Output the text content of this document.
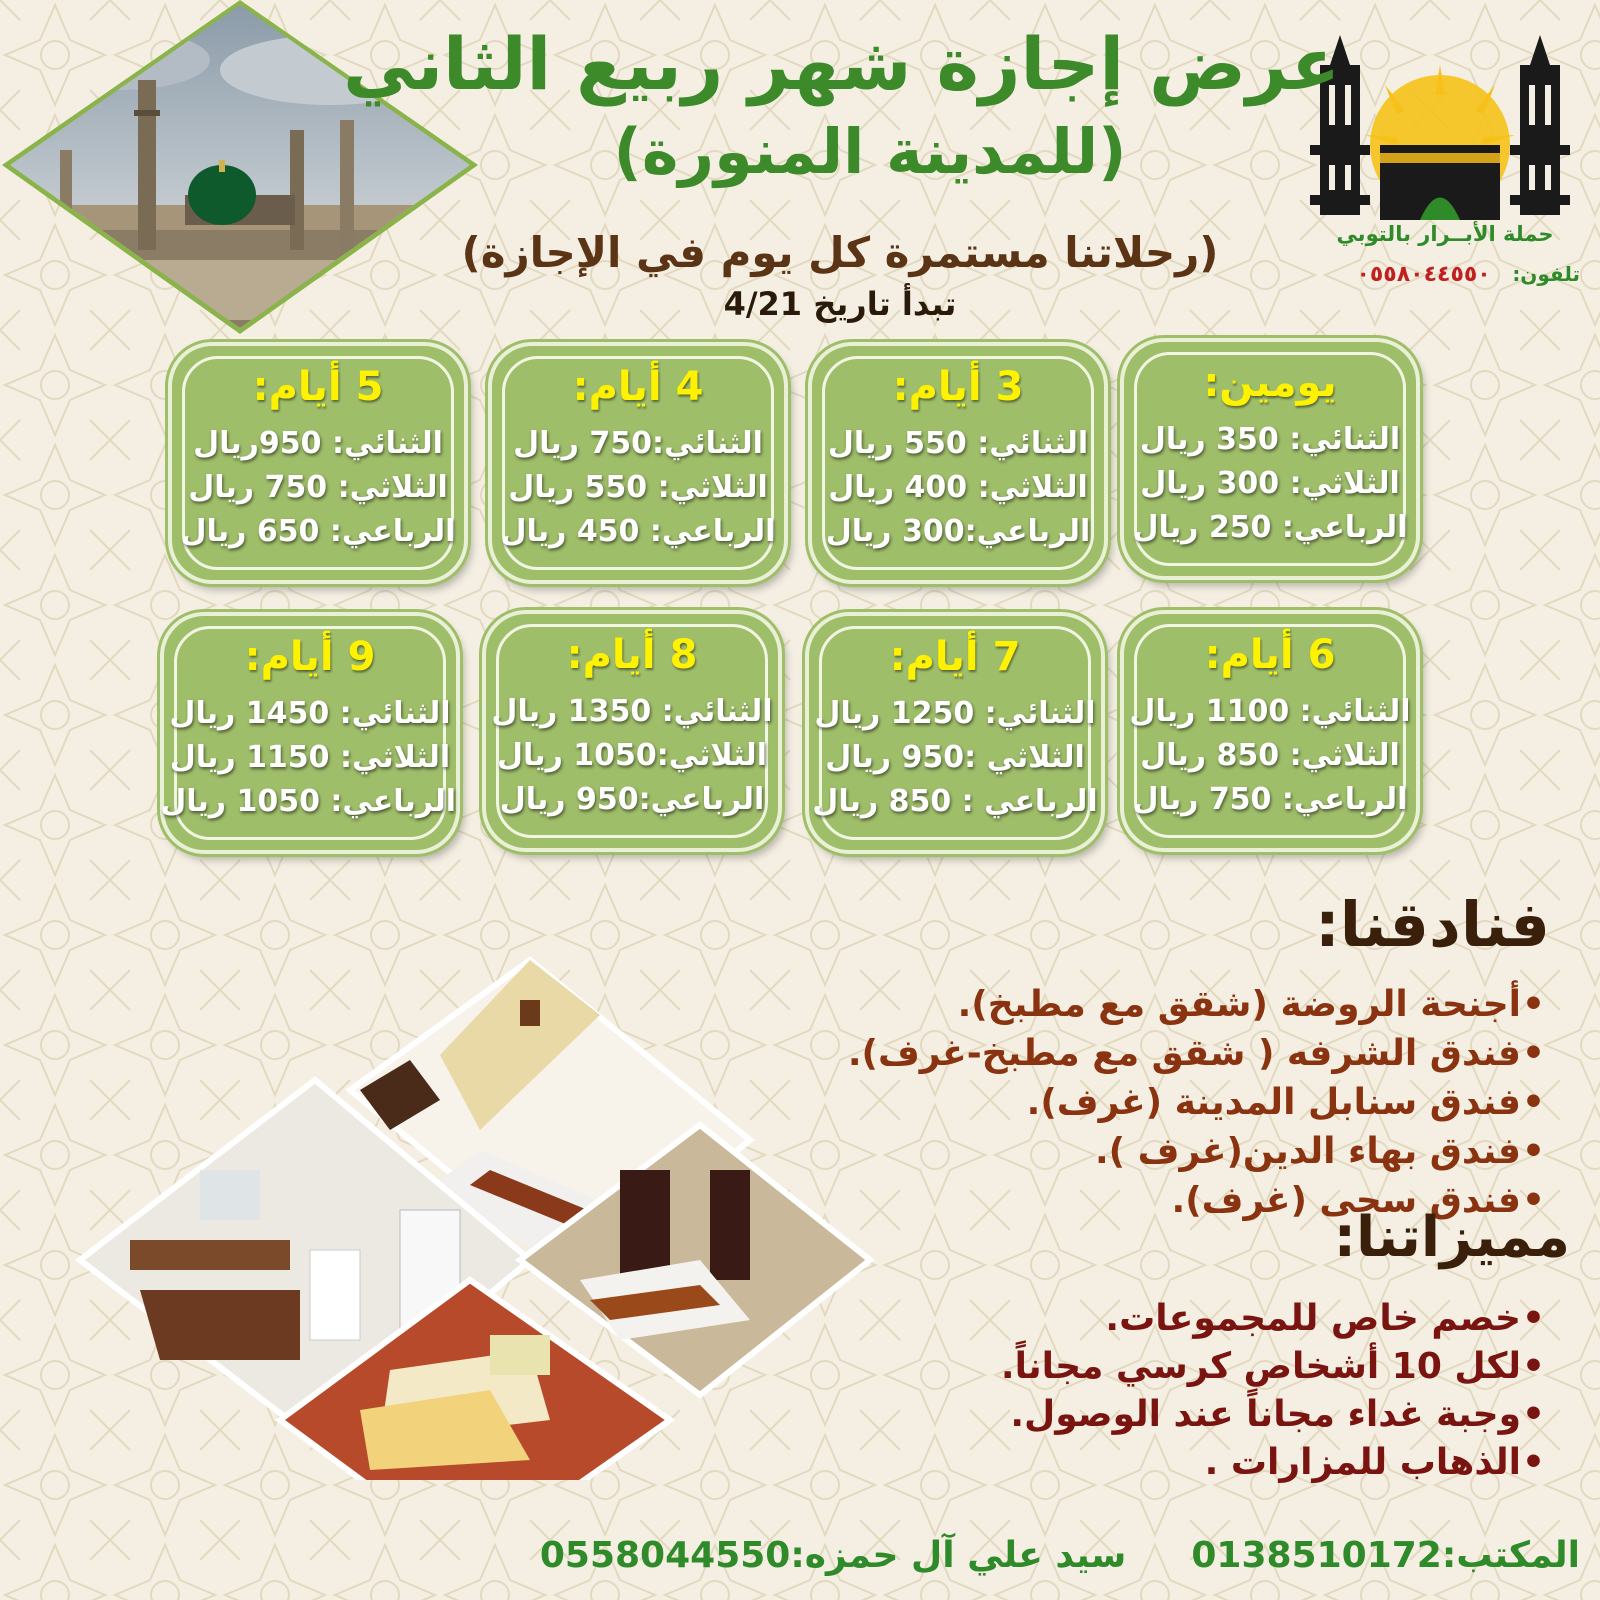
حملة الأبــرار بالتوبي
تلفون: ٠٥٥٨٠٤٤٥٥٠
عرض إجازة شهر ربيع الثاني
(للمدينة المنورة)
(رحلاتنا مستمرة كل يوم في الإجازة)
تبدأ تاريخ 4/21
يومين:
الثنائي: 350 ريال
الثلاثي: 300 ريال
الرباعي: 250 ريال
3 أيام:
الثنائي: 550 ريال
الثلاثي: 400 ريال
الرباعي:300 ريال
4 أيام:
الثنائي:750 ريال
الثلاثي: 550 ريال
الرباعي: 450 ريال
5 أيام:
الثنائي: 950ريال
الثلاثي: 750 ريال
الرباعي: 650 ريال
6 أيام:
الثنائي: 1100 ريال
الثلاثي: 850 ريال
الرباعي: 750 ريال
7 أيام:
الثنائي: 1250 ريال
الثلاثي :950 ريال
الرباعي : 850 ريال
8 أيام:
الثنائي: 1350 ريال
الثلاثي:1050 ريال
الرباعي:950 ريال
9 أيام:
الثنائي: 1450 ريال
الثلاثي: 1150 ريال
الرباعي: 1050 ريال
فنادقنا:
• أجنحة الروضة (شقق مع مطبخ).
• فندق الشرفه ( شقق مع مطبخ-غرف).
• فندق سنابل المدينة (غرف).
• فندق بهاء الدين(غرف ).
• فندق سجى (غرف).
مميزاتنا:
• خصم خاص للمجموعات.
• لكل 10 أشخاص كرسي مجاناً.
• وجبة غداء مجاناً عند الوصول.
• الذهاب للمزارات .
المكتب:0138510172  سيد علي آل حمزه:0558044550
